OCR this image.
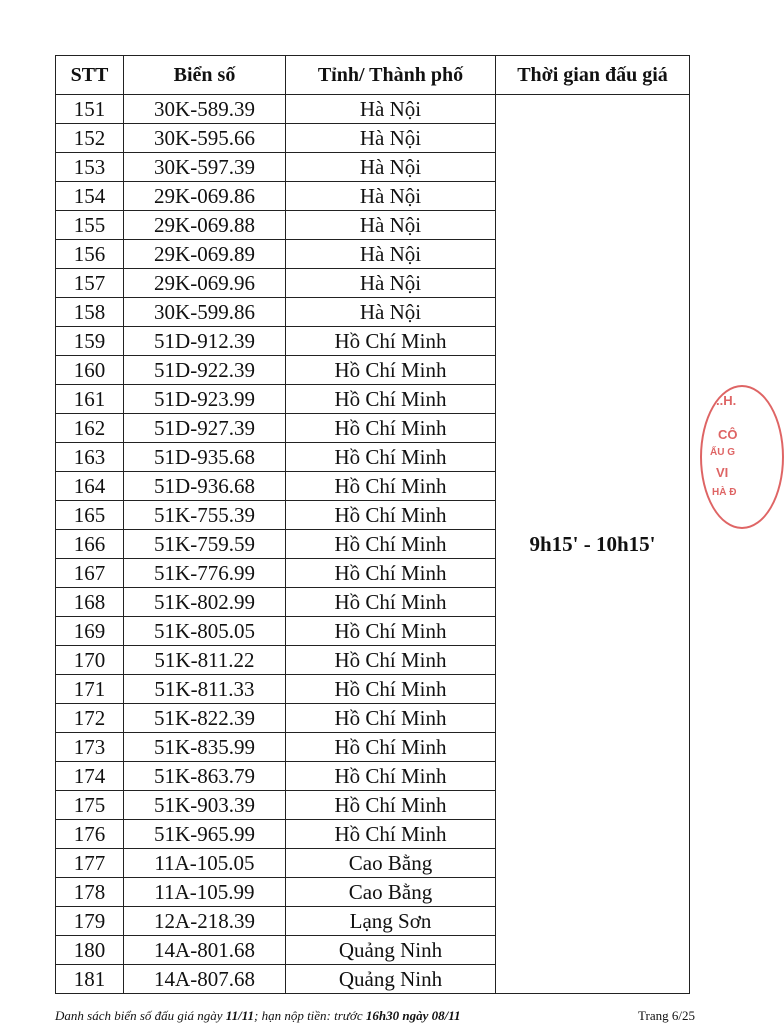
STT	Biển số	Tỉnh/ Thành phố	Thời gian đấu giá
151	30K-589.39	Hà Nội	9h15' - 10h15'
152	30K-595.66	Hà Nội	
153	30K-597.39	Hà Nội	
154	29K-069.86	Hà Nội	
155	29K-069.88	Hà Nội	
156	29K-069.89	Hà Nội	
157	29K-069.96	Hà Nội	
158	30K-599.86	Hà Nội	
159	51D-912.39	Hồ Chí Minh	
160	51D-922.39	Hồ Chí Minh	
161	51D-923.99	Hồ Chí Minh	
162	51D-927.39	Hồ Chí Minh	
163	51D-935.68	Hồ Chí Minh	
164	51D-936.68	Hồ Chí Minh	
165	51K-755.39	Hồ Chí Minh	
166	51K-759.59	Hồ Chí Minh	
167	51K-776.99	Hồ Chí Minh	
168	51K-802.99	Hồ Chí Minh	
169	51K-805.05	Hồ Chí Minh	
170	51K-811.22	Hồ Chí Minh	
171	51K-811.33	Hồ Chí Minh	
172	51K-822.39	Hồ Chí Minh	
173	51K-835.99	Hồ Chí Minh	
174	51K-863.79	Hồ Chí Minh	
175	51K-903.39	Hồ Chí Minh	
176	51K-965.99	Hồ Chí Minh	
177	11A-105.05	Cao Bằng	
178	11A-105.99	Cao Bằng	
179	12A-218.39	Lạng Sơn	
180	14A-801.68	Quảng Ninh	
181	14A-807.68	Quảng Ninh	
Danh sách biển số đấu giá ngày 11/11; hạn nộp tiền: trước 16h30 ngày 08/11	Trang 6/25
..H.
CÔ
ẤU G
VI
HÀ Đ
